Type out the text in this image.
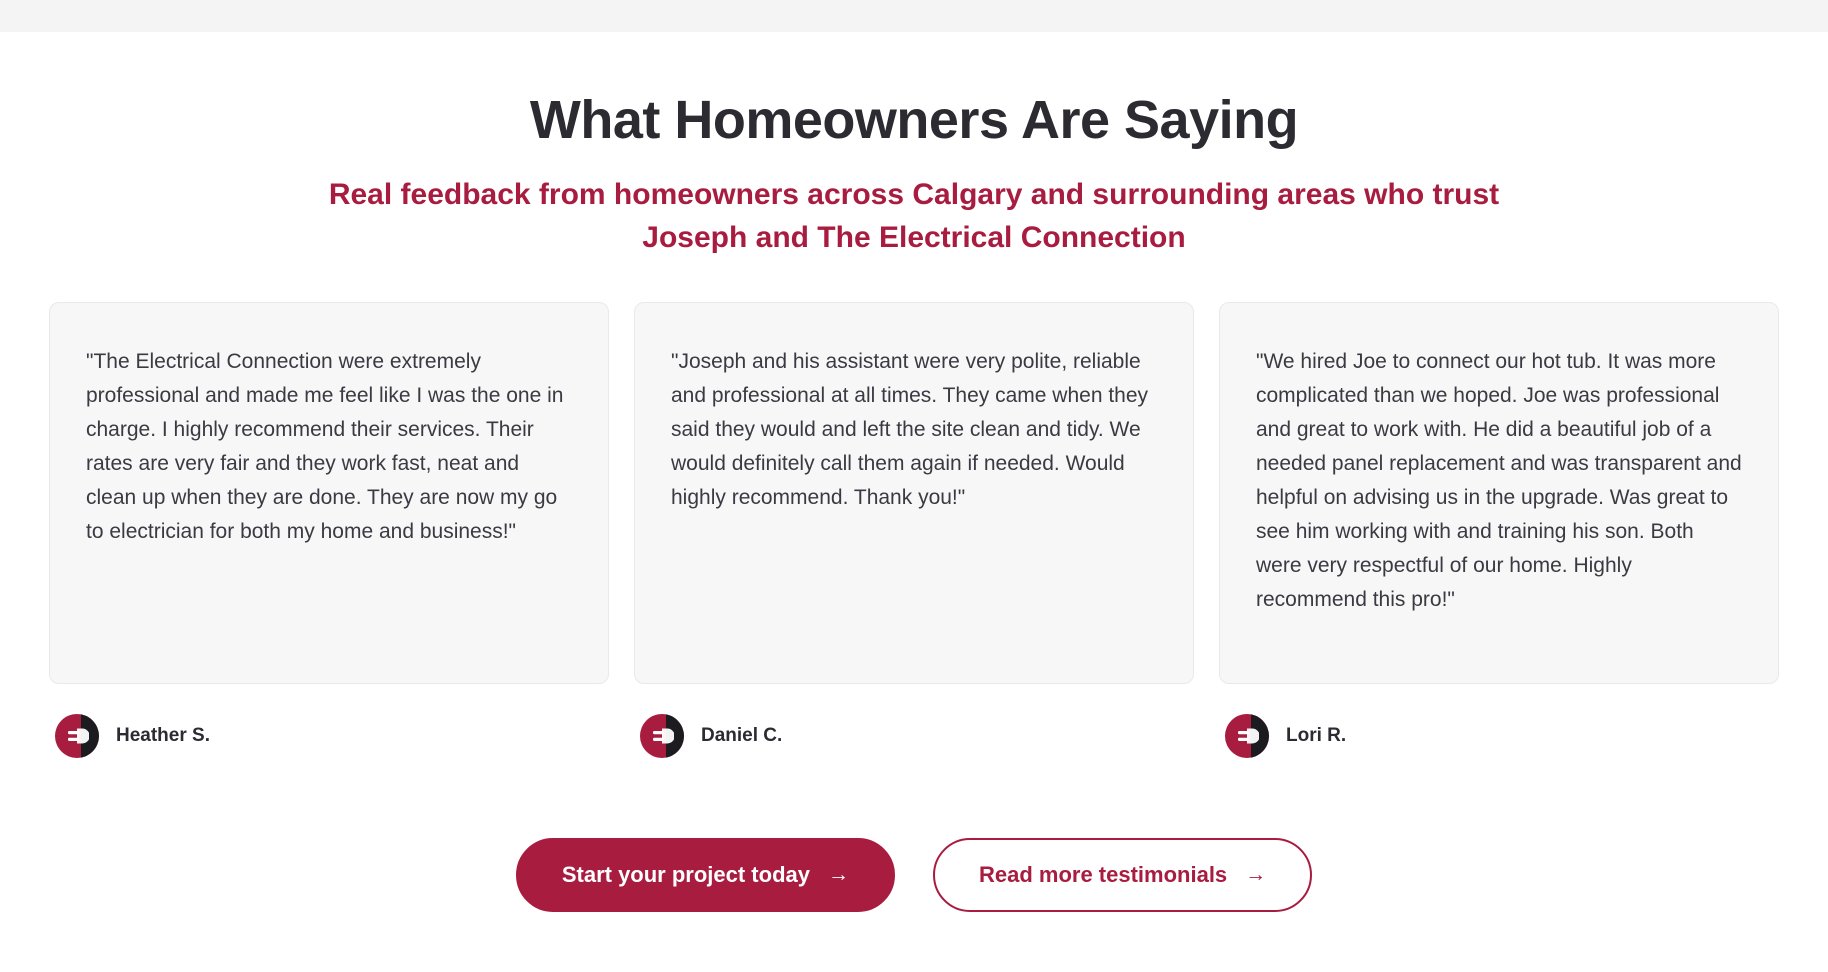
What Homeowners Are Saying
Real feedback from homeowners across Calgary and surrounding areas who trust Joseph and The Electrical Connection

"The Electrical Connection were extremely professional and made me feel like I was the one in charge. I highly recommend their services. Their rates are very fair and they work fast, neat and clean up when they are done. They are now my go to electrician for both my home and business!"

Heather S.

"Joseph and his assistant were very polite, reliable and professional at all times. They came when they said they would and left the site clean and tidy. We would definitely call them again if needed. Would highly recommend. Thank you!"

Daniel C.

"We hired Joe to connect our hot tub. It was more complicated than we hoped. Joe was professional and great to work with. He did a beautiful job of a needed panel replacement and was transparent and helpful on advising us in the upgrade. Was great to see him working with and training his son. Both were very respectful of our home. Highly recommend this pro!"

Lori R.
Start your project today →	Read more testimonials →
